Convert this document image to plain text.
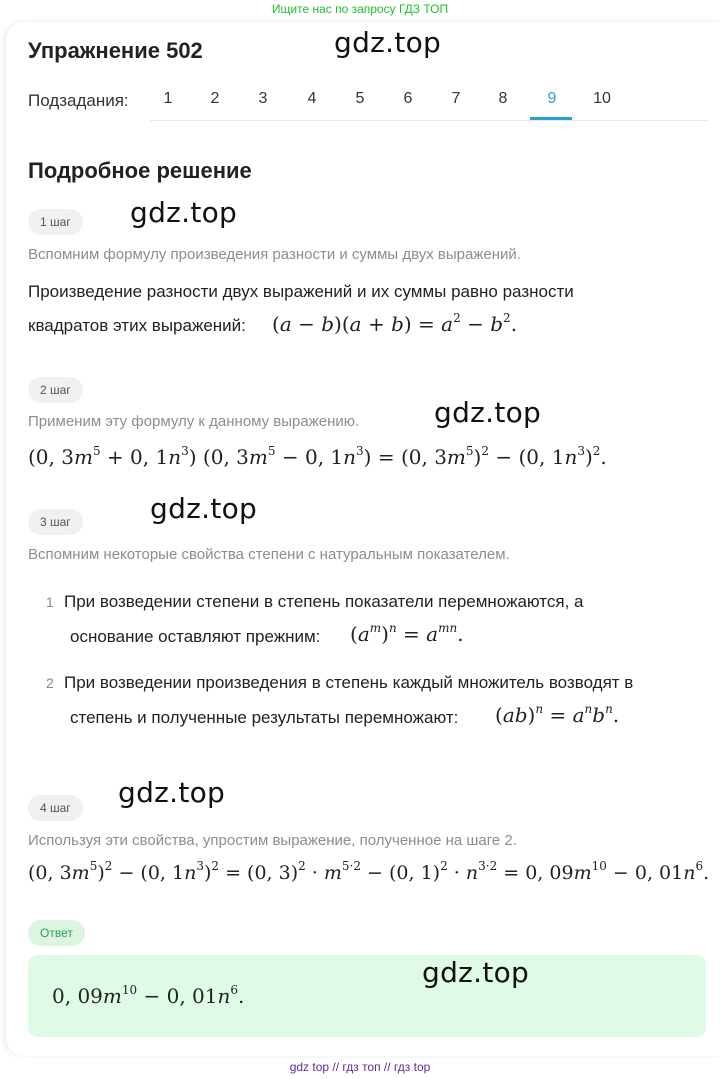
Ищите нас по запросу ГДЗ ТОП
Упражнение 502	gdz.top
Подзадания:	1	2	3	4	5	6	7	8	9	10
Подробное решение
1 шаг	gdz.top
Вспомним формулу произведения разности и суммы двух выражений.
Произведение разности двух выражений и их суммы равно разности
квадратов этих выражений: $(a - b)(a + b) = a^2 - b^2$.
2 шаг
Применим эту формулу к данному выражению.	gdz.top
(0, $3m^5 + 0$, $1n^3$) (0, $3m^5 - 0$, $1n^3) = (0$, $3m^5)^2 - (0$, $1n^3)^2$.
3 шаг	gdz.top
Вспомним некоторые свойства степени с натуральным показателем.
1 При возведении степени в степень показатели перемножаются, а
основание оставляют прежним: $(a^m)^n = a^{mn}$.
2 При возведении произведения в степень каждый множитель возводят в
степень и полученные результаты перемножают: $(ab)^n = a^nb^n$.
4 шаг	gdz.top
Используя эти свойства, упростим выражение, полученное на шаге 2.
(0, $3m^5)^2 - (0$, $1n^3)^2 = (0$, $3)^2 \cdot m^{5\cdot 2} - (0$, $1)^2 \cdot n^{3\cdot 2} = 0$, $09m^{10} - 0$, $01n^6$.
Ответ
0, $09m^{10} - 0$, $01n^6$.
gdz.top
gdz top // гдз топ // гдз top
